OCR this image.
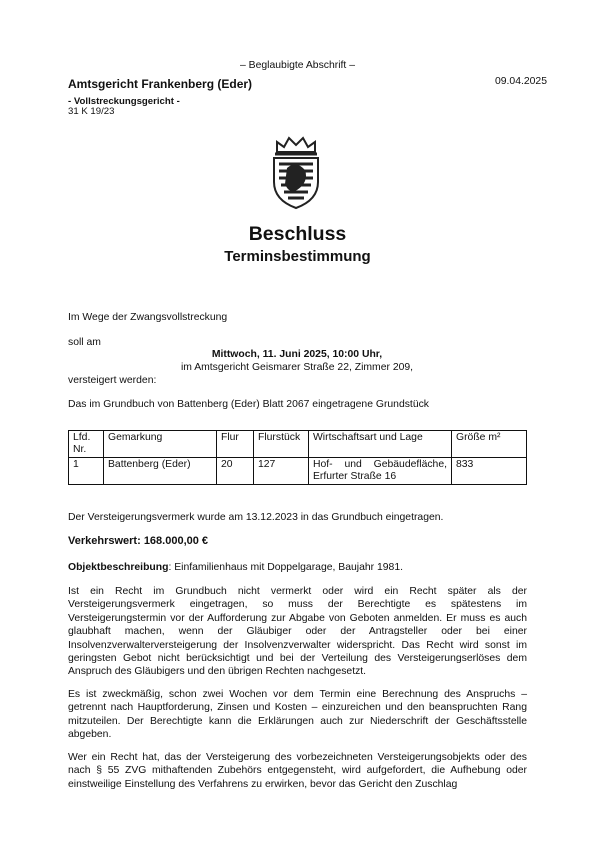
– Beglaubigte Abschrift –
Amtsgericht Frankenberg (Eder)
- Vollstreckungsgericht -
31 K 19/23
09.04.2025
Beschluss
Terminsbestimmung
Im Wege der Zwangsvollstreckung
soll am
Mittwoch, 11. Juni 2025, 10:00 Uhr,
im Amtsgericht Geismarer Straße 22, Zimmer 209,
versteigert werden:
Das im Grundbuch von Battenberg (Eder) Blatt 2067 eingetragene Grundstück
Lfd. Nr.	Gemarkung	Flur	Flurstück	Wirtschaftsart und Lage	Größe m²
1	Battenberg (Eder)	20	127	Hof- und Gebäudefläche, Erfurter Straße 16	833
Der Versteigerungsvermerk wurde am 13.12.2023 in das Grundbuch eingetragen.
Verkehrswert: 168.000,00 €
Objektbeschreibung: Einfamilienhaus mit Doppelgarage, Baujahr 1981.
Ist ein Recht im Grundbuch nicht vermerkt oder wird ein Recht später als der Versteigerungsvermerk eingetragen, so muss der Berechtigte es spätestens im Versteigerungstermin vor der Aufforderung zur Abgabe von Geboten anmelden. Er muss es auch glaubhaft machen, wenn der Gläubiger oder der Antragsteller oder bei einer Insolvenzverwalterversteigerung der Insolvenzverwalter widerspricht. Das Recht wird sonst im geringsten Gebot nicht berücksichtigt und bei der Verteilung des Versteigerungserlöses dem Anspruch des Gläubigers und den übrigen Rechten nachgesetzt.
Es ist zweckmäßig, schon zwei Wochen vor dem Termin eine Berechnung des Anspruchs – getrennt nach Hauptforderung, Zinsen und Kosten – einzureichen und den beanspruchten Rang mitzuteilen. Der Berechtigte kann die Erklärungen auch zur Niederschrift der Geschäftsstelle abgeben.
Wer ein Recht hat, das der Versteigerung des vorbezeichneten Versteigerungsobjekts oder des nach § 55 ZVG mithaftenden Zubehörs entgegensteht, wird aufgefordert, die Aufhebung oder einstweilige Einstellung des Verfahrens zu erwirken, bevor das Gericht den Zuschlag
